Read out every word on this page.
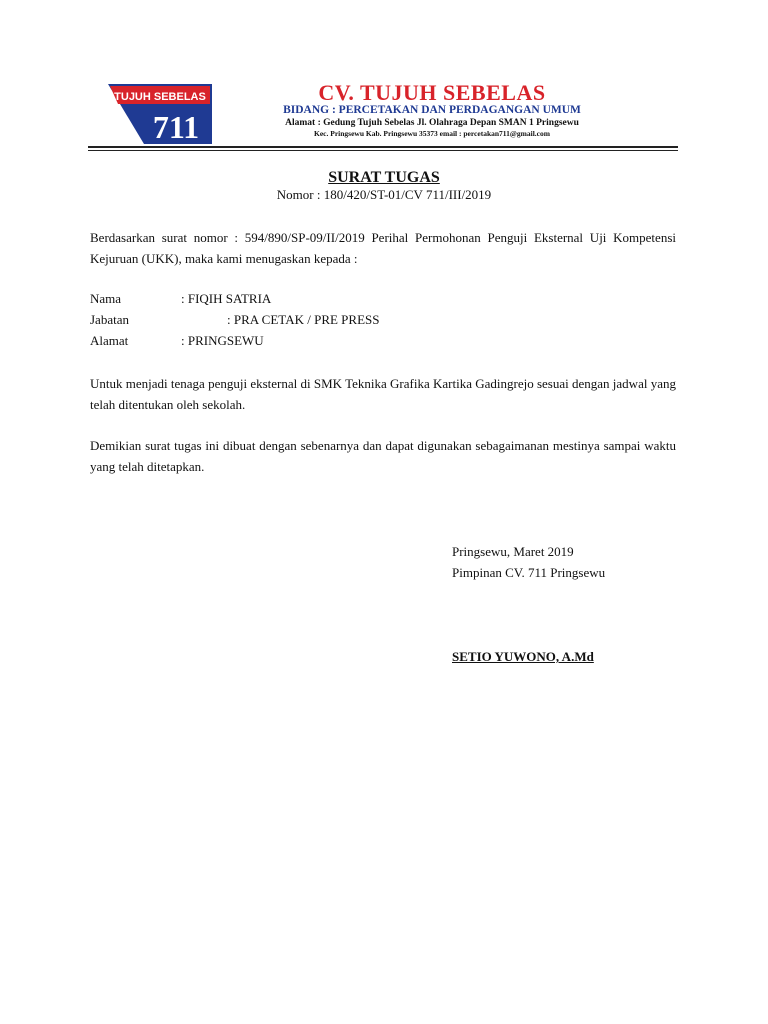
TUJUH SEBELAS
711
CV. TUJUH SEBELAS
BIDANG : PERCETAKAN DAN PERDAGANGAN UMUM
Alamat : Gedung Tujuh Sebelas Jl. Olahraga Depan SMAN 1 Pringsewu
Kec. Pringsewu Kab. Pringsewu 35373 email : percetakan711@gmail.com
SURAT TUGAS
Nomor : 180/420/ST-01/CV 711/III/2019
Berdasarkan surat nomor : 594/890/SP-09/II/2019 Perihal Permohonan Penguji Eksternal Uji Kompetensi Kejuruan (UKK), maka kami menugaskan kepada :
Nama	: FIQIH SATRIA
Jabatan	: PRA CETAK / PRE PRESS
Alamat	: PRINGSEWU
Untuk menjadi tenaga penguji eksternal di SMK Teknika Grafika Kartika Gadingrejo sesuai dengan jadwal yang telah ditentukan oleh sekolah.
Demikian surat tugas ini dibuat dengan sebenarnya dan dapat digunakan sebagaimanan mestinya sampai waktu yang telah ditetapkan.
Pringsewu, Maret 2019
Pimpinan CV. 711 Pringsewu
SETIO YUWONO, A.Md
